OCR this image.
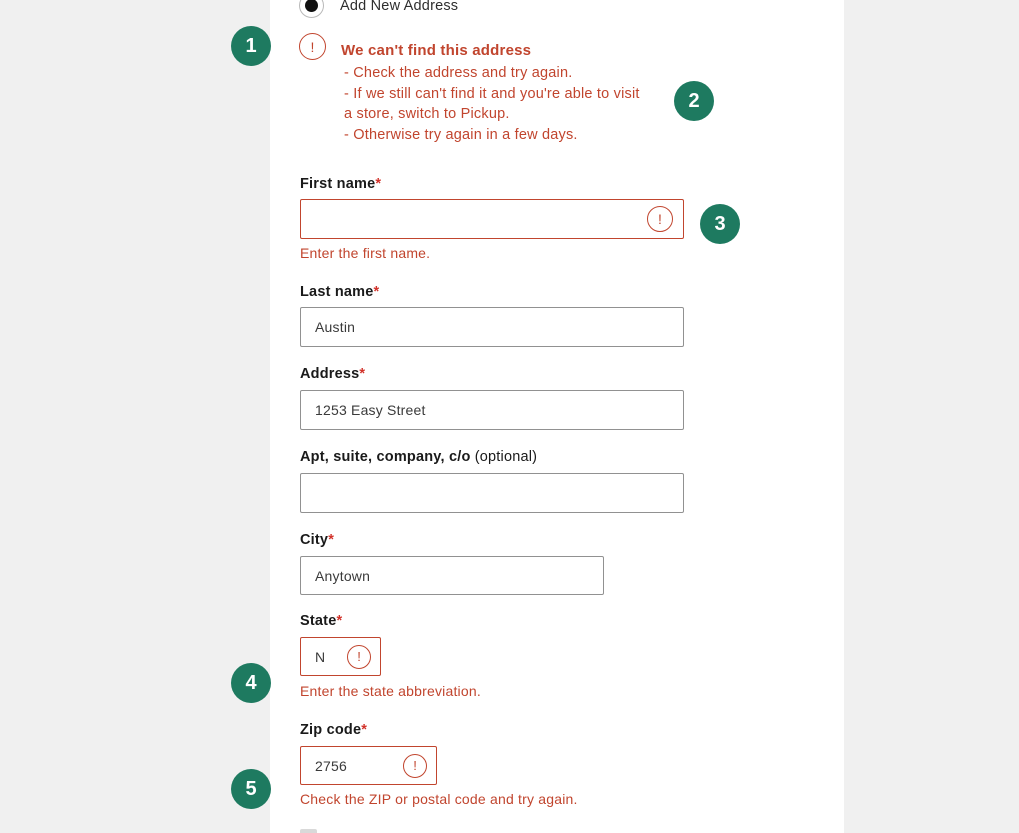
Add New Address
! We can't find this address
- Check the address and try again.
- If we still can't find it and you're able to visit
a store, switch to Pickup.
- Otherwise try again in a few days.
First name*
!
Enter the first name.
Last name*
Austin
Address*
1253 Easy Street
Apt, suite, company, c/o (optional)
City*
Anytown
State*
N
!
Enter the state abbreviation.
Zip code*
2756
!
Check the ZIP or postal code and try again.
1
2
3
4
5
